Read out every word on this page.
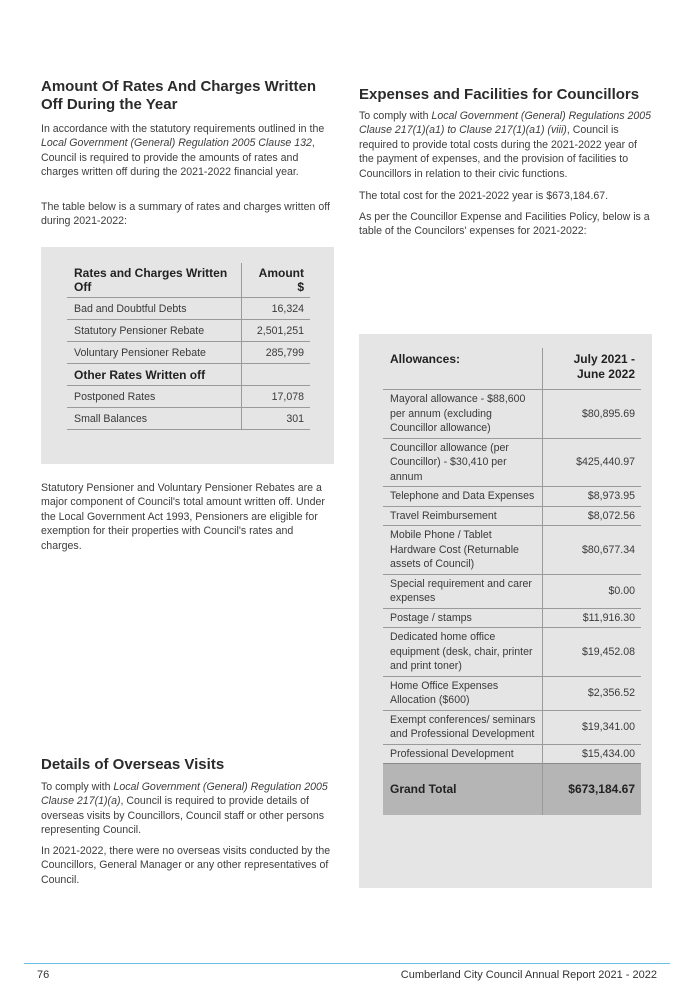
Amount Of Rates And Charges Written Off During the Year

In accordance with the statutory requirements outlined in the Local Government (General) Regulation 2005 Clause 132, Council is required to provide the amounts of rates and charges written off during the 2021-2022 financial year.

The table below is a summary of rates and charges written off during 2021-2022:

Rates and Charges Written Off	Amount $
Bad and Doubtful Debts	16,324
Statutory Pensioner Rebate	2,501,251
Voluntary Pensioner Rebate	285,799
Other Rates Written off	
Postponed Rates	17,078
Small Balances	301

Statutory Pensioner and Voluntary Pensioner Rebates are a major component of Council's total amount written off. Under the Local Government Act 1993, Pensioners are eligible for exemption for their properties with Council's rates and charges.

Details of Overseas Visits

To comply with Local Government (General) Regulation 2005 Clause 217(1)(a), Council is required to provide details of overseas visits by Councillors, Council staff or other persons representing Council.

In 2021-2022, there were no overseas visits conducted by the Councillors, General Manager or any other representatives of Council.

Expenses and Facilities for Councillors

To comply with Local Government (General) Regulations 2005 Clause 217(1)(a1) to Clause 217(1)(a1) (viii), Council is required to provide total costs during the 2021-2022 year of the payment of expenses, and the provision of facilities to Councillors in relation to their civic functions.

The total cost for the 2021-2022 year is $673,184.67.

As per the Councillor Expense and Facilities Policy, below is a table of the Councilors' expenses for 2021-2022:

Allowances:	July 2021 - June 2022
Mayoral allowance - $88,600 per annum (excluding Councillor allowance)	$80,895.69
Councillor allowance (per Councillor) - $30,410 per annum	$425,440.97
Telephone and Data Expenses	$8,973.95
Travel Reimbursement	$8,072.56
Mobile Phone / Tablet Hardware Cost (Returnable assets of Council)	$80,677.34
Special requirement and carer expenses	$0.00
Postage / stamps	$11,916.30
Dedicated home office equipment (desk, chair, printer and print toner)	$19,452.08
Home Office Expenses Allocation ($600)	$2,356.52
Exempt conferences/ seminars and Professional Development	$19,341.00
Professional Development	$15,434.00
Grand Total	$673,184.67
76	Cumberland City Council Annual Report 2021 - 2022
